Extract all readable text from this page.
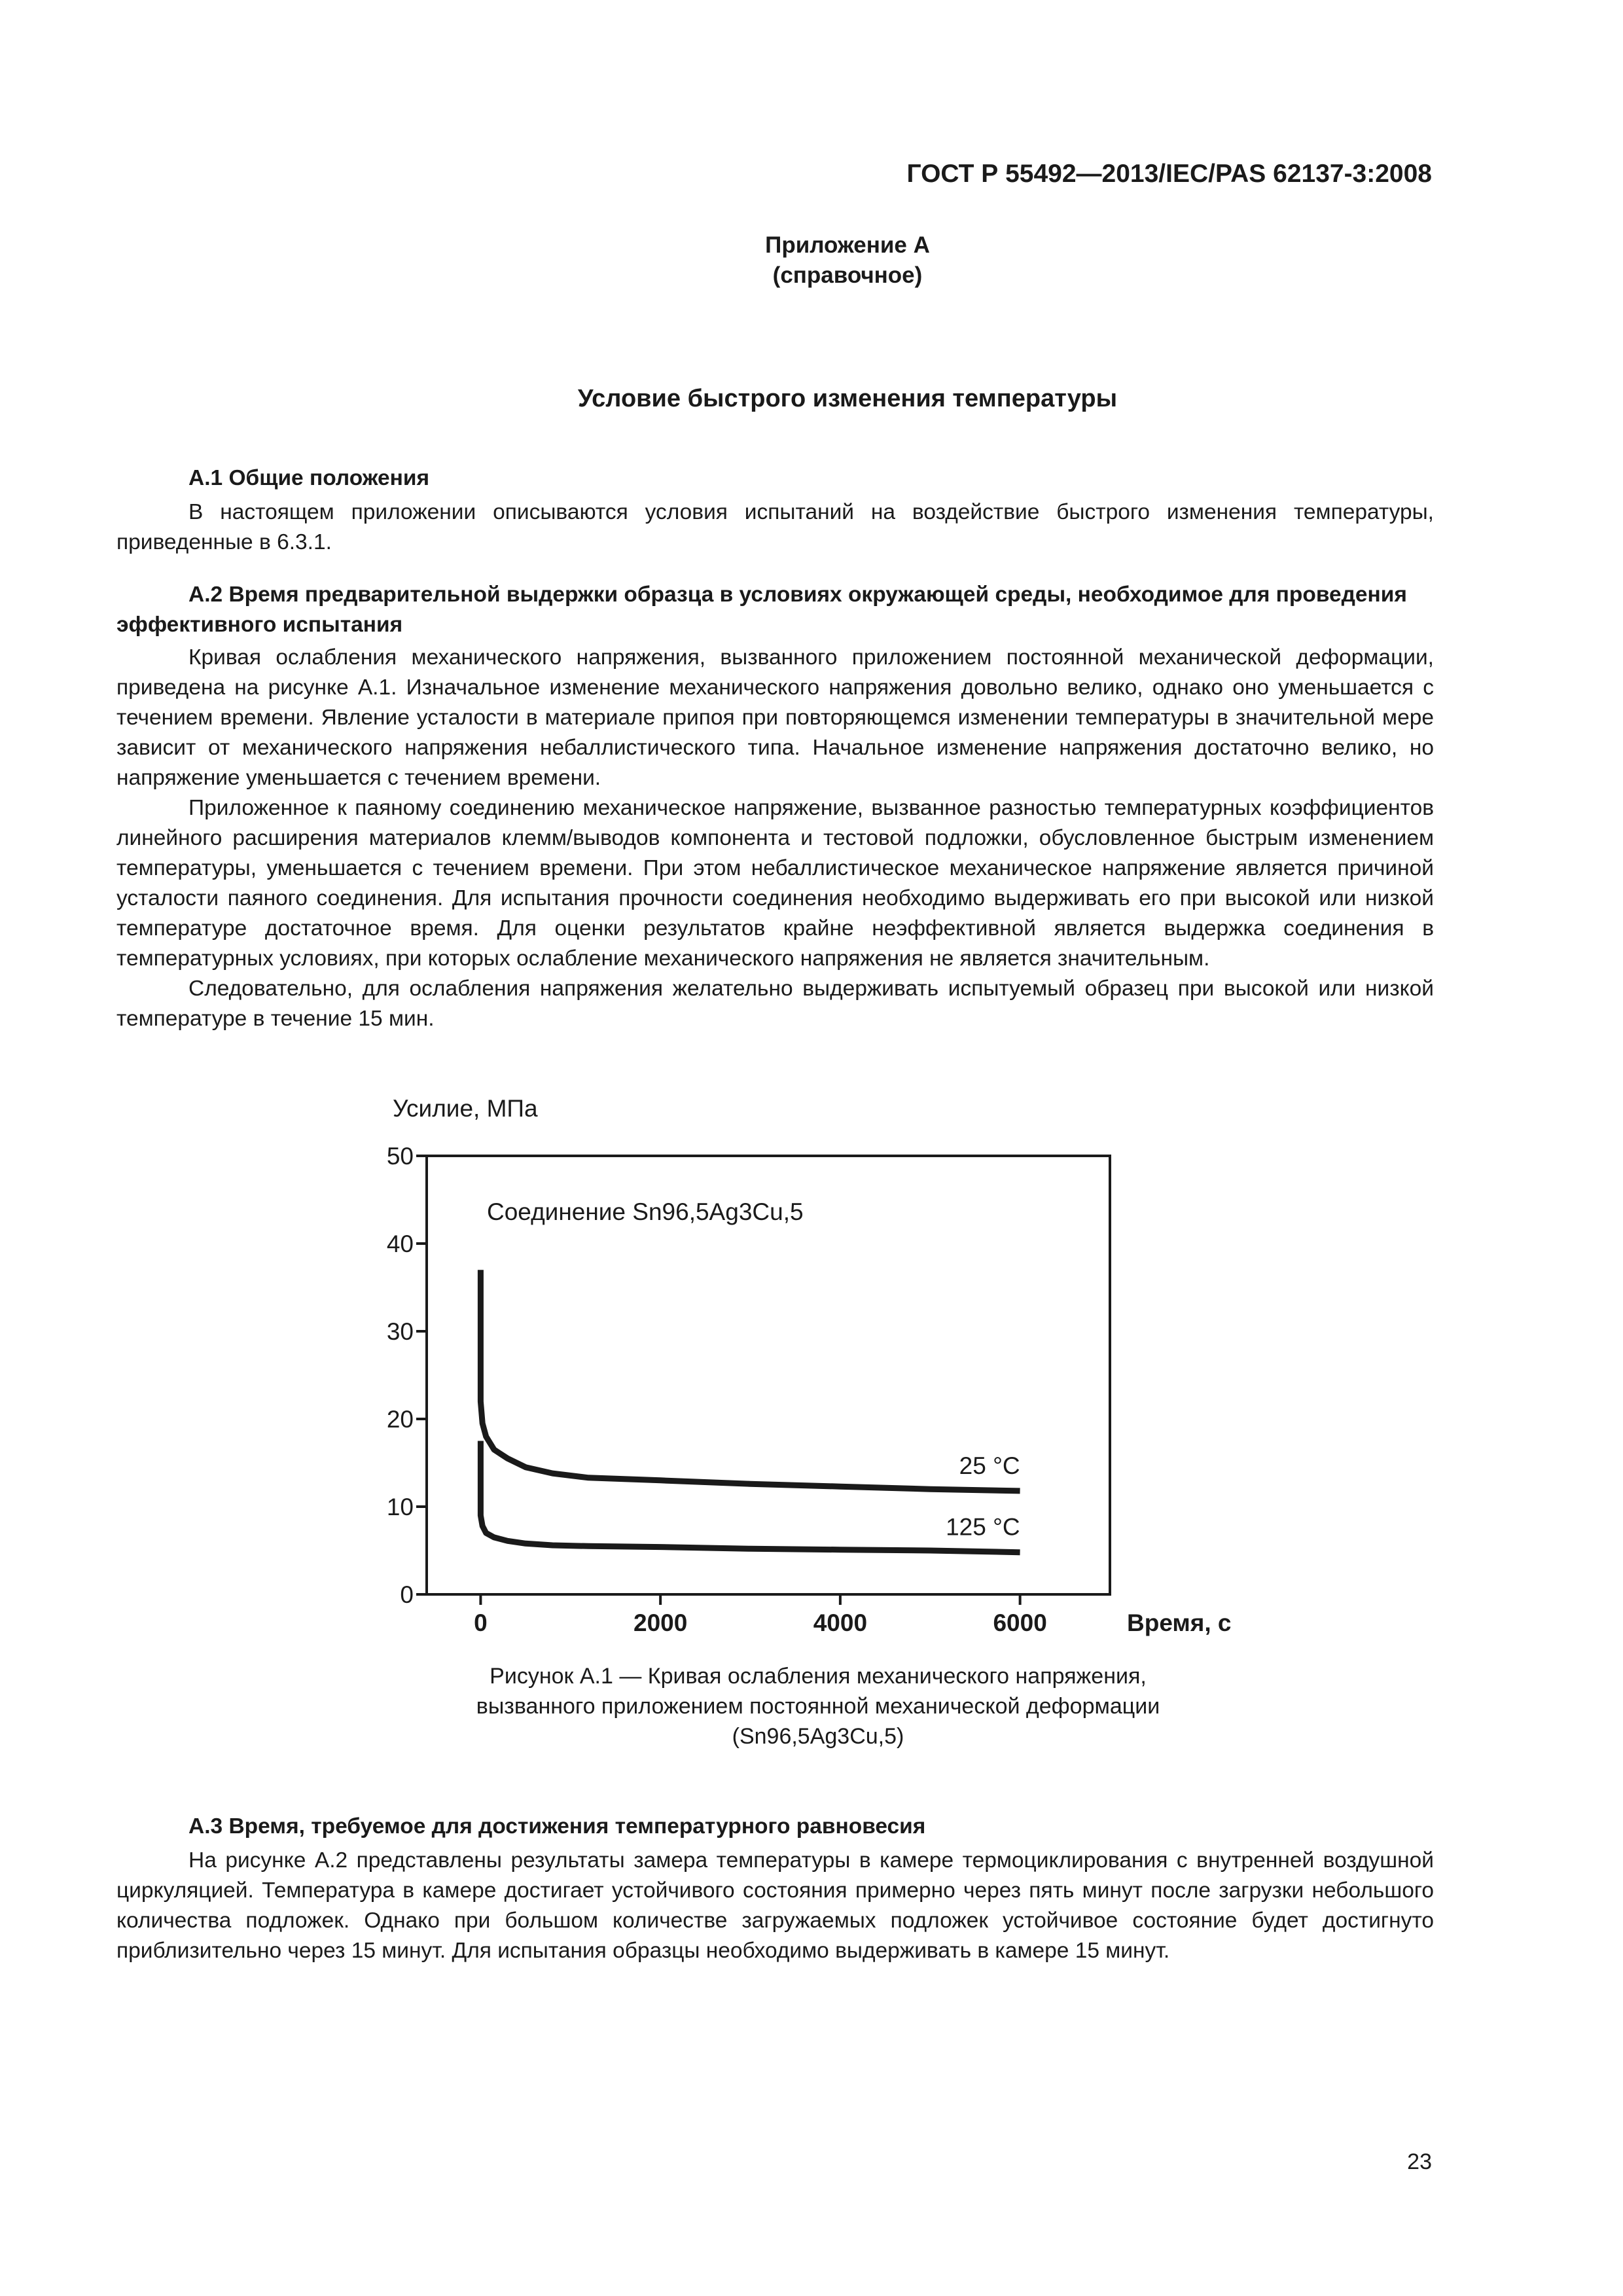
ГОСТ Р 55492—2013/IEC/PAS 62137-3:2008
Приложение А
(справочное)
Условие быстрого изменения температуры

А.1 Общие положения

В настоящем приложении описываются условия испытаний на воздействие быстрого изменения температуры, приведенные в 6.3.1.

А.2 Время предварительной выдержки образца в условиях окружающей среды, необходимое для проведения эффективного испытания

Кривая ослабления механического напряжения, вызванного приложением постоянной механической деформации, приведена на рисунке А.1. Изначальное изменение механического напряжения довольно велико, однако оно уменьшается с течением времени. Явление усталости в материале припоя при повторяющемся изменении температуры в значительной мере зависит от механического напряжения небаллистического типа. Начальное изменение напряжения достаточно велико, но напряжение уменьшается с течением времени.

Приложенное к паяному соединению механическое напряжение, вызванное разностью температурных коэффициентов линейного расширения материалов клемм/выводов компонента и тестовой подложки, обусловленное быстрым изменением температуры, уменьшается с течением времени. При этом небаллистическое механическое напряжение является причиной усталости паяного соединения. Для испытания прочности соединения необходимо выдерживать его при высокой или низкой температуре достаточное время. Для оценки результатов крайне неэффективной является выдержка соединения в температурных условиях, при которых ослабление механического напряжения не является значительным.

Следовательно, для ослабления напряжения желательно выдерживать испытуемый образец при высокой или низкой температуре в течение 15 мин.

Усилие, МПа
Соединение Sn96,5Ag3Cu,5
0
10
20
30
40
50
0	2000	4000	6000
25 °C
125 °C
Время, с
Рисунок А.1 — Кривая ослабления механического напряжения,
вызванного приложением постоянной механической деформации
(Sn96,5Ag3Cu,5)

А.3 Время, требуемое для достижения температурного равновесия

На рисунке А.2 представлены результаты замера температуры в камере термоциклирования с внутренней воздушной циркуляцией. Температура в камере достигает устойчивого состояния примерно через пять минут после загрузки небольшого количества подложек. Однако при большом количестве загружаемых подложек устойчивое состояние будет достигнуто приблизительно через 15 минут. Для испытания образцы необходимо выдерживать в камере 15 минут.

23
